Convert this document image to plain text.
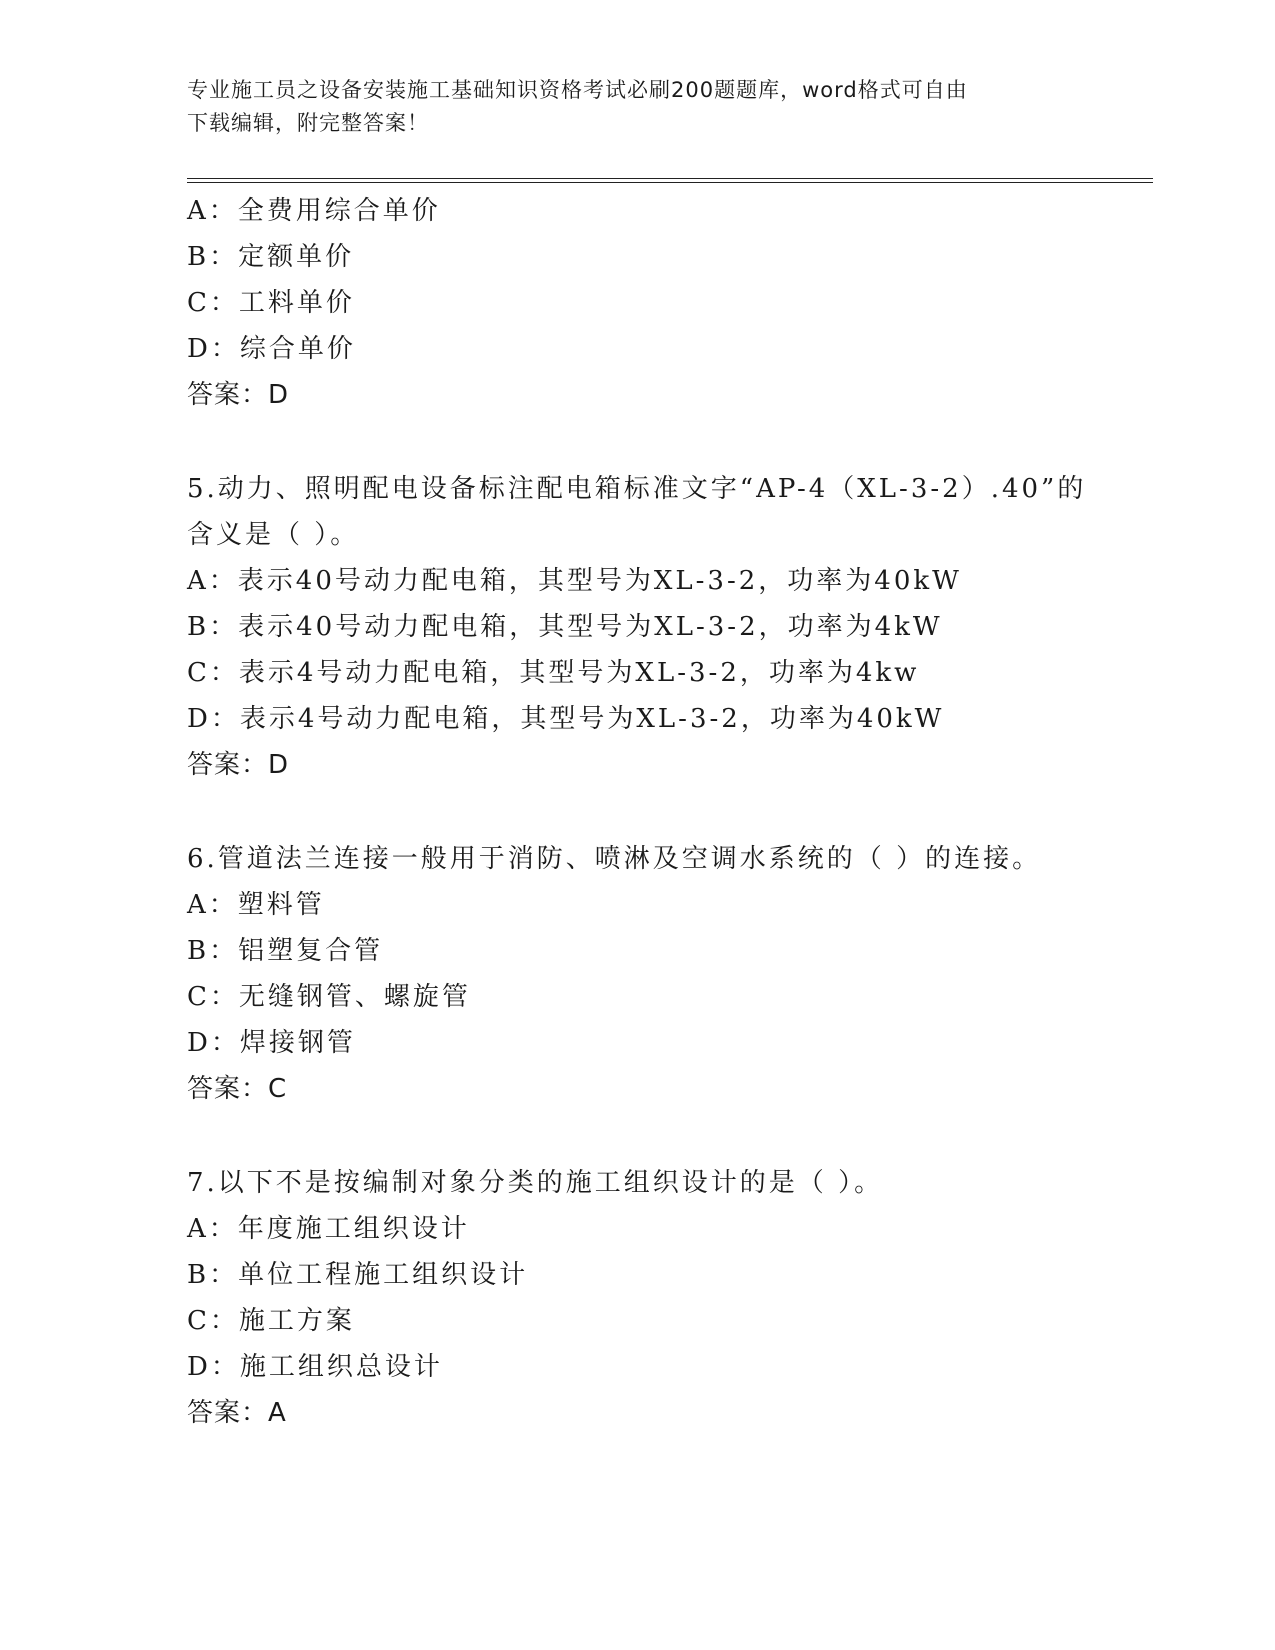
专业施工员之设备安装施工基础知识资格考试必刷200题题库，word格式可自由
下载编辑，附完整答案！
A：全费用综合单价
B：定额单价
C：工料单价
D：综合单价
答案：D
5.动力、照明配电设备标注配电箱标准文字“AP-4（XL-3-2）.40”的
含义是（ ）。
A：表示40号动力配电箱，其型号为XL-3-2，功率为40kW
B：表示40号动力配电箱，其型号为XL-3-2，功率为4kW
C：表示4号动力配电箱，其型号为XL-3-2，功率为4kw
D：表示4号动力配电箱，其型号为XL-3-2，功率为40kW
答案：D
6.管道法兰连接一般用于消防、喷淋及空调水系统的（ ）的连接。
A：塑料管
B：铝塑复合管
C：无缝钢管、螺旋管
D：焊接钢管
答案：C
7.以下不是按编制对象分类的施工组织设计的是（ ）。
A：年度施工组织设计
B：单位工程施工组织设计
C：施工方案
D：施工组织总设计
答案：A
